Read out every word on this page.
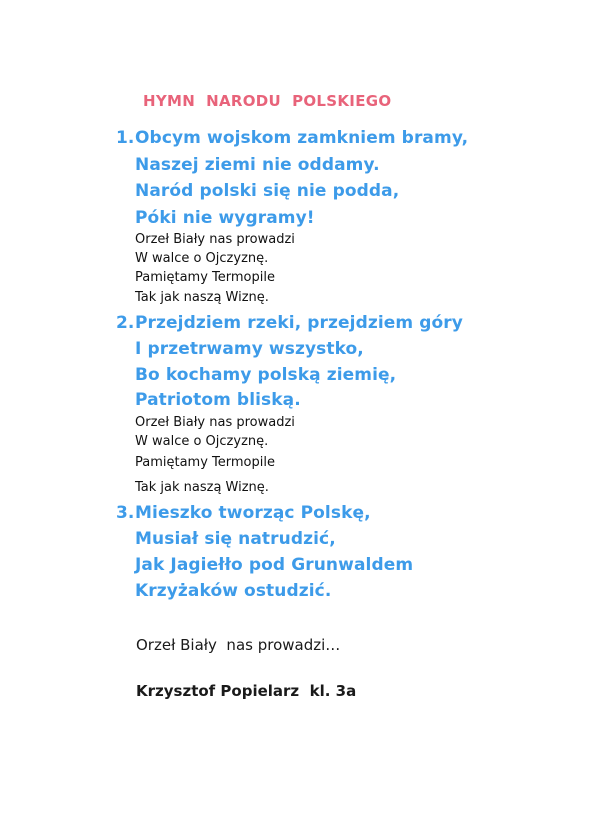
HYMN  NARODU  POLSKIEGO
1. Obcym wojskom zamkniem bramy,
Naszej ziemi nie oddamy.
Naród polski się nie podda,
Póki nie wygramy!
Orzeł Biały nas prowadzi
W walce o Ojczyznę.
Pamiętamy Termopile
Tak jak naszą Wiznę.
2. Przejdziem rzeki, przejdziem góry
I przetrwamy wszystko,
Bo kochamy polską ziemię,
Patriotom bliską.
Orzeł Biały nas prowadzi
W walce o Ojczyznę.
Pamiętamy Termopile
Tak jak naszą Wiznę.
3. Mieszko tworząc Polskę,
Musiał się natrudzić,
Jak Jagiełło pod Grunwaldem
Krzyżaków ostudzić.
Orzeł Biały  nas prowadzi…
Krzysztof Popielarz  kl. 3a
